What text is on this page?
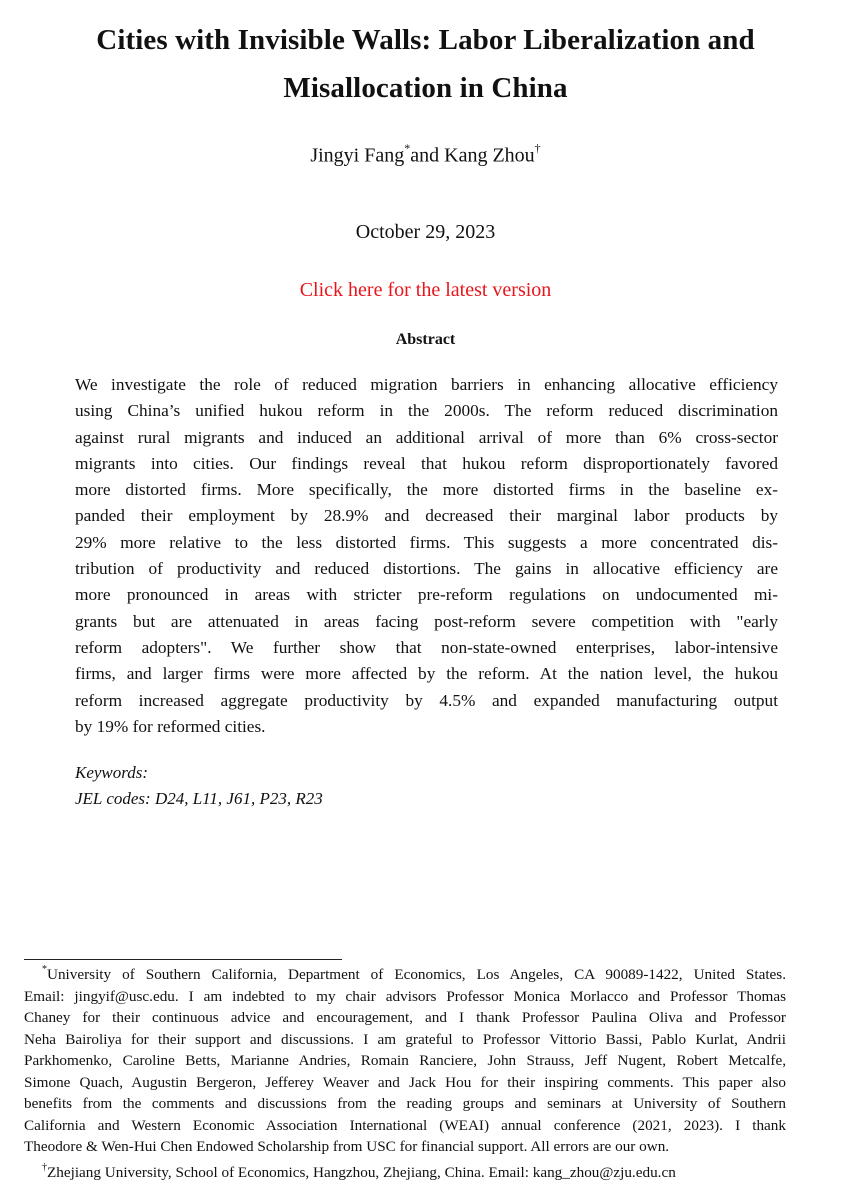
Cities with Invisible Walls: Labor Liberalization and
Misallocation in China
Jingyi Fang*and Kang Zhou†
October 29, 2023
Click here for the latest version
Abstract
We investigate the role of reduced migration barriers in enhancing allocative efficiency
using China’s unified hukou reform in the 2000s. The reform reduced discrimination
against rural migrants and induced an additional arrival of more than 6% cross-sector
migrants into cities. Our findings reveal that hukou reform disproportionately favored
more distorted firms. More specifically, the more distorted firms in the baseline ex-
panded their employment by 28.9% and decreased their marginal labor products by
29% more relative to the less distorted firms. This suggests a more concentrated dis-
tribution of productivity and reduced distortions. The gains in allocative efficiency are
more pronounced in areas with stricter pre-reform regulations on undocumented mi-
grants but are attenuated in areas facing post-reform severe competition with "early
reform adopters". We further show that non-state-owned enterprises, labor-intensive
firms, and larger firms were more affected by the reform. At the nation level, the hukou
reform increased aggregate productivity by 4.5% and expanded manufacturing output
by 19% for reformed cities.
Keywords:
JEL codes: D24, L11, J61, P23, R23
*University of Southern California, Department of Economics, Los Angeles, CA 90089-1422, United States.
Email: jingyif@usc.edu. I am indebted to my chair advisors Professor Monica Morlacco and Professor Thomas
Chaney for their continuous advice and encouragement, and I thank Professor Paulina Oliva and Professor
Neha Bairoliya for their support and discussions. I am grateful to Professor Vittorio Bassi, Pablo Kurlat, Andrii
Parkhomenko, Caroline Betts, Marianne Andries, Romain Ranciere, John Strauss, Jeff Nugent, Robert Metcalfe,
Simone Quach, Augustin Bergeron, Jefferey Weaver and Jack Hou for their inspiring comments. This paper also
benefits from the comments and discussions from the reading groups and seminars at University of Southern
California and Western Economic Association International (WEAI) annual conference (2021, 2023). I thank
Theodore & Wen-Hui Chen Endowed Scholarship from USC for financial support. All errors are our own.
†Zhejiang University, School of Economics, Hangzhou, Zhejiang, China. Email: kang_zhou@zju.edu.cn
